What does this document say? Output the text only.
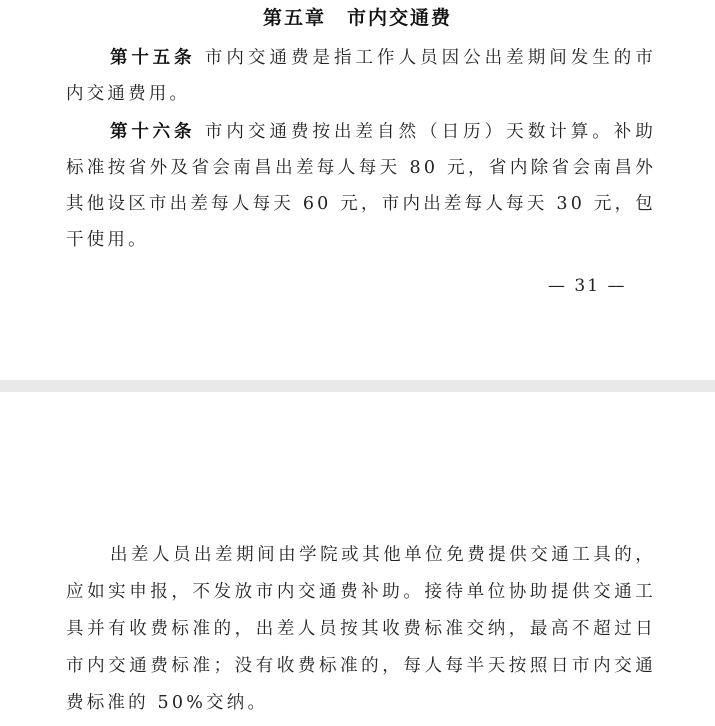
第五章　市内交通费

第十五条 市内交通费是指工作人员因公出差期间发生的市内交通费用。

第十六条 市内交通费按出差自然（日历）天数计算。补助标准按省外及省会南昌出差每人每天 80 元，省内除省会南昌外其他设区市出差每人每天 60 元，市内出差每人每天 30 元，包干使用。

— 31 —

出差人员出差期间由学院或其他单位免费提供交通工具的，应如实申报，不发放市内交通费补助。接待单位协助提供交通工具并有收费标准的，出差人员按其收费标准交纳，最高不超过日市内交通费标准；没有收费标准的，每人每半天按照日市内交通费标准的 50%交纳。
